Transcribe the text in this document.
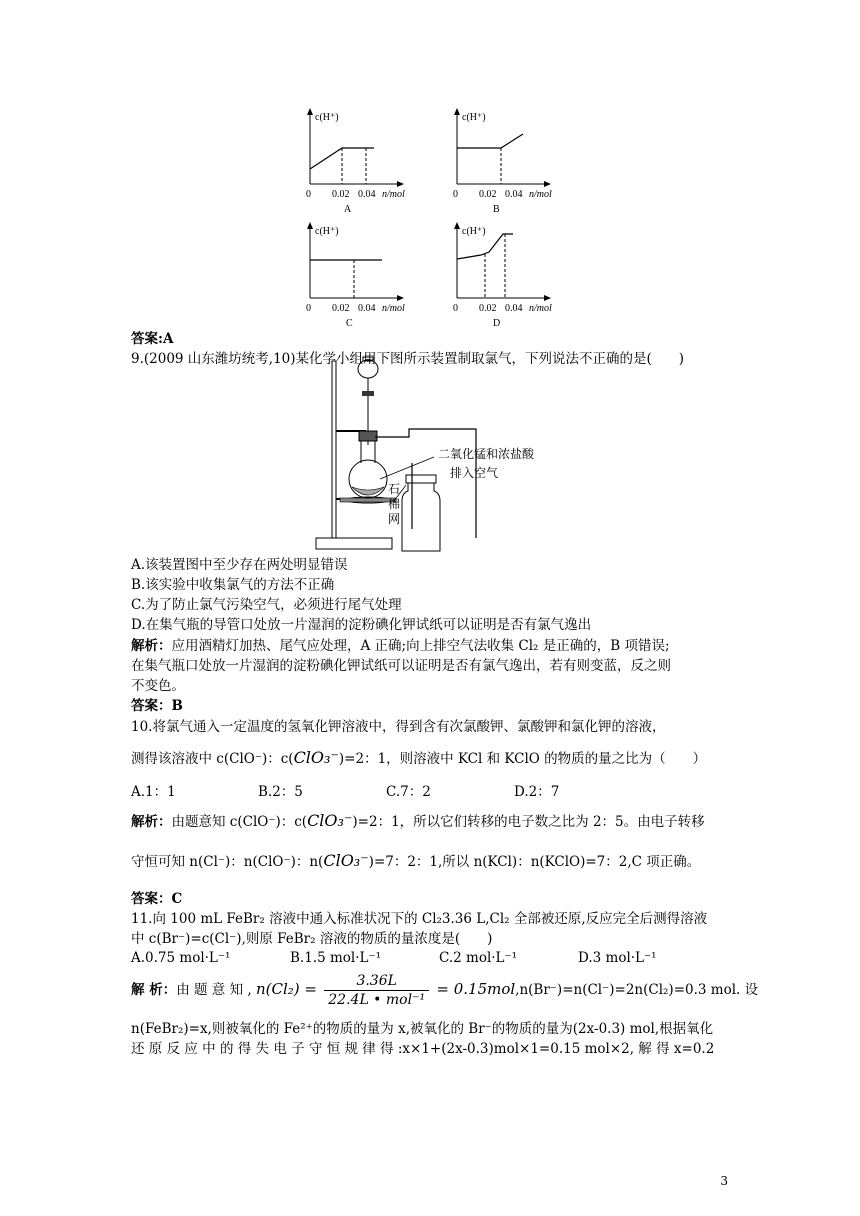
c(H⁺)
0 0.02 0.04 n/mol
A
c(H⁺)
0 0.02 0.04 n/mol
B
c(H⁺)
0 0.02 0.04 n/mol
C
c(H⁺)
0 0.02 0.04 n/mol
D
答案:A
9.(2009 山东潍坊统考,10)某化学小组用下图所示装置制取氯气，下列说法不正确的是(　　)
二氧化锰和浓盐酸
排入空气
石
棉
网
A.该装置图中至少存在两处明显错误
B.该实验中收集氯气的方法不正确
C.为了防止氯气污染空气，必须进行尾气处理
D.在集气瓶的导管口处放一片湿润的淀粉碘化钾试纸可以证明是否有氯气逸出
解析：应用酒精灯加热、尾气应处理，A 正确;向上排空气法收集 Cl₂ 是正确的，B 项错误;
在集气瓶口处放一片湿润的淀粉碘化钾试纸可以证明是否有氯气逸出，若有则变蓝，反之则
不变色。
答案：B
10.将氯气通入一定温度的氢氧化钾溶液中，得到含有次氯酸钾、氯酸钾和氯化钾的溶液，
测得该溶液中 c(ClO⁻)：c(ClO₃⁻)=2：1，则溶液中 KCl 和 KClO 的物质的量之比为（　　）
A.1：1	B.2：5	C.7：2	D.2：7
解析：由题意知 c(ClO⁻)：c(ClO₃⁻)=2：1，所以它们转移的电子数之比为 2：5。由电子转移
守恒可知 n(Cl⁻)：n(ClO⁻)：n(ClO₃⁻)=7：2：1,所以 n(KCl)：n(KClO)=7：2,C 项正确。
答案：C
11.向 100 mL FeBr₂ 溶液中通入标准状况下的 Cl₂3.36 L,Cl₂ 全部被还原,反应完全后测得溶液
中 c(Br⁻)=c(Cl⁻),则原 FeBr₂ 溶液的物质的量浓度是(　　)
A.0.75 mol·L⁻¹	B.1.5 mol·L⁻¹	C.2 mol·L⁻¹	D.3 mol·L⁻¹
解 析：由 题 意 知 , $n(Cl_2) = \frac{3.36L}{\text{22.4L • mol⁻¹}} = 0.15mol,n(Br^-)=n(Cl^-)=2n(Cl_2)=0.3$ mol. 设
n(FeBr₂)=x,则被氧化的 Fe²⁺的物质的量为 x,被氧化的 Br⁻的物质的量为(2x-0.3) mol,根据氧化
还 原 反 应 中 的 得 失 电 子 守 恒 规 律 得 :x×1+(2x-0.3)mol×1=0.15 mol×2, 解 得 x=0.2
3
